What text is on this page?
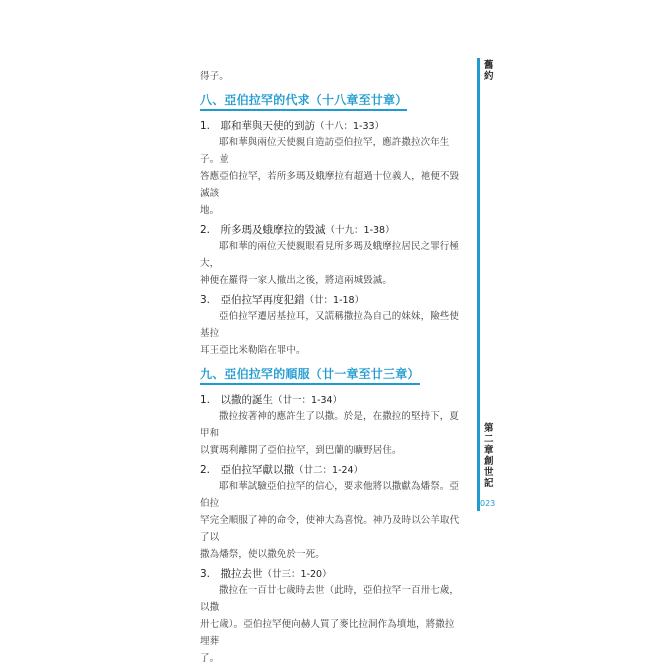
得子。

八、亞伯拉罕的代求（十八章至廿章）
1.　耶和華與天使的到訪（十八：1-33）

耶和華與兩位天使親自造訪亞伯拉罕，應許撒拉次年生子。並

答應亞伯拉罕，若所多瑪及蛾摩拉有超過十位義人，祂便不毀滅該

地。

2.　所多瑪及蛾摩拉的毀滅（十九：1-38）

耶和華的兩位天使親眼看見所多瑪及蛾摩拉居民之罪行極大，

神便在羅得一家人撤出之後，將這兩城毀滅。

3.　亞伯拉罕再度犯錯（廿：1-18）

亞伯拉罕遷居基拉耳，又謊稱撒拉為自己的妹妹，險些使基拉

耳王亞比米勒陷在罪中。

九、亞伯拉罕的順服（廿一章至廿三章）
1.　以撒的誕生（廿一：1-34）

撒拉按著神的應許生了以撒。於是，在撒拉的堅持下，夏甲和

以實瑪利離開了亞伯拉罕，到巴蘭的曠野居住。

2.　亞伯拉罕獻以撒（廿二：1-24）

耶和華試驗亞伯拉罕的信心，要求他將以撒獻為燔祭。亞伯拉

罕完全順服了神的命令，使神大為喜悅。神乃及時以公羊取代了以

撒為燔祭，使以撒免於一死。

3.　撒拉去世（廿三：1-20）

撒拉在一百廿七歲時去世（此時，亞伯拉罕一百卅七歲，以撒

卅七歲）。亞伯拉罕便向赫人買了麥比拉洞作為墳地，將撒拉埋葬

了。

舊約
第二章　創世記
023
